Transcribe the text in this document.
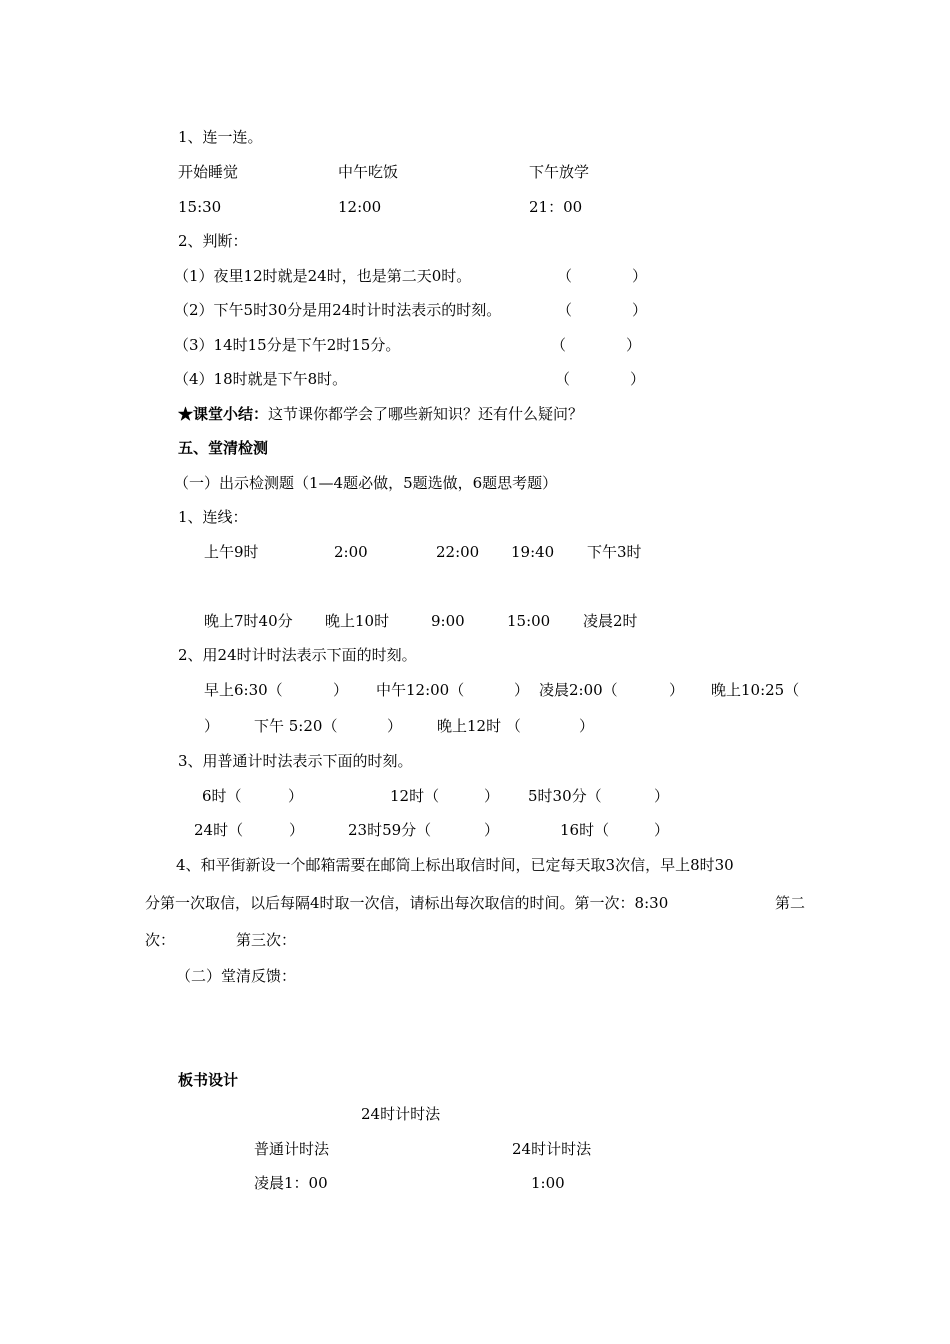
1、连一连。
开始睡觉	中午吃饭	下午放学
15:30	12:00	21：00
2、判断：
（1）夜里12时就是24时，也是第二天0时。	（　　　　）
（2）下午5时30分是用24时计时法表示的时刻。	（　　　　）
（3）14时15分是下午2时15分。	（　　　　）
（4）18时就是下午8时。	（　　　　）
★课堂小结：这节课你都学会了哪些新知识？还有什么疑问？
五、堂清检测
（一）出示检测题（1—4题必做，5题选做，6题思考题）
1、连线：
上午9时	2:00	22:00 19:40 下午3时
晚上7时40分 晚上10时	9:00	15:00 凌晨2时
2、用24时计时法表示下面的时刻。
早上6:30（	） 中午12:00（	） 凌晨2:00（	） 晚上10:25（
） 下午 5:20（	） 晚上12时 （	）
3、用普通计时法表示下面的时刻。
6时（	）	12时（	） 5时30分（	）
24时（	）	23时59分（	）	16时（	）
4、和平街新设一个邮箱需要在邮筒上标出取信时间，已定每天取3次信，早上8时30
分第一次取信，以后每隔4时取一次信，请标出每次取信的时间。第一次：8:30	第二
次：	第三次：
（二）堂清反馈：
板书设计
24时计时法
普通计时法	24时计时法
凌晨1：00	1:00
